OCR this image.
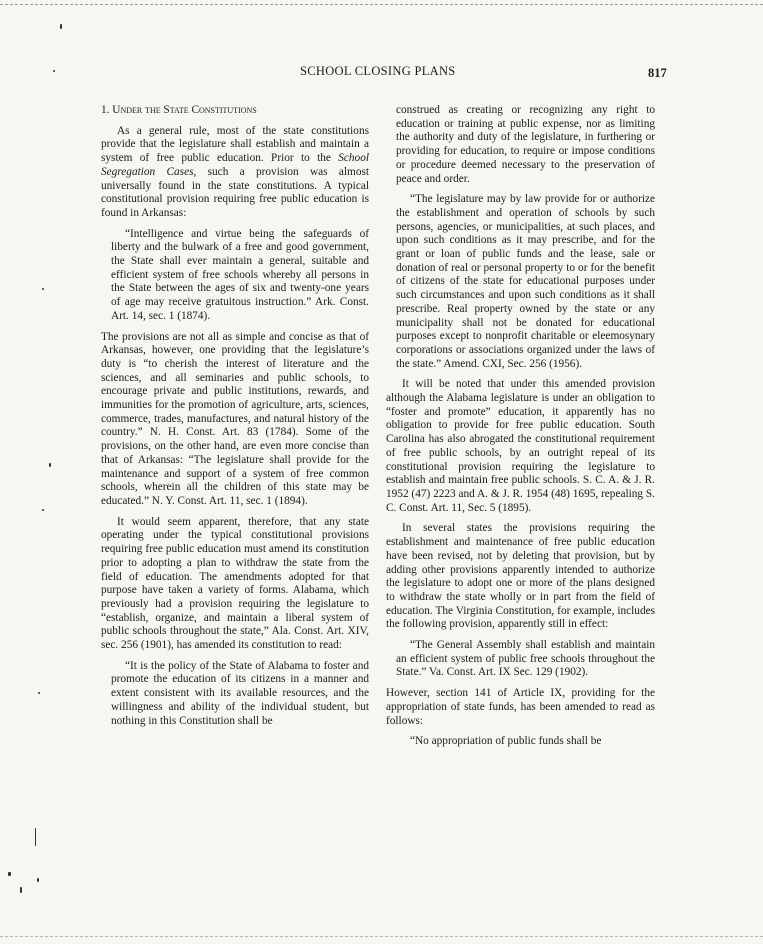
SCHOOL CLOSING PLANS	817

1. Under the State Constitutions

As a general rule, most of the state constitutions provide that the legislature shall establish and maintain a system of free public education. Prior to the School Segregation Cases, such a provision was almost universally found in the state constitutions. A typical constitutional provision requiring free public education is found in Arkansas:

“Intelligence and virtue being the safeguards of liberty and the bulwark of a free and good government, the State shall ever maintain a general, suitable and efficient system of free schools whereby all persons in the State between the ages of six and twenty-one years of age may receive gratuitous instruction.” Ark. Const. Art. 14, sec. 1 (1874).

The provisions are not all as simple and concise as that of Arkansas, however, one providing that the legislature’s duty is “to cherish the interest of literature and the sciences, and all seminaries and public schools, to encourage private and public institutions, rewards, and immunities for the promotion of agriculture, arts, sciences, commerce, trades, manufactures, and natural history of the country.” N. H. Const. Art. 83 (1784). Some of the provisions, on the other hand, are even more concise than that of Arkansas: “The legislature shall provide for the maintenance and support of a system of free common schools, wherein all the children of this state may be educated.” N. Y. Const. Art. 11, sec. 1 (1894).

It would seem apparent, therefore, that any state operating under the typical constitutional provisions requiring free public education must amend its constitution prior to adopting a plan to withdraw the state from the field of education. The amendments adopted for that purpose have taken a variety of forms. Alabama, which previously had a provision requiring the legislature to “establish, organize, and maintain a liberal system of public schools throughout the state,” Ala. Const. Art. XIV, sec. 256 (1901), has amended its constitution to read:

“It is the policy of the State of Alabama to foster and promote the education of its citizens in a manner and extent consistent with its available resources, and the willingness and ability of the individual student, but nothing in this Constitution shall be

construed as creating or recognizing any right to education or training at public expense, nor as limiting the authority and duty of the legislature, in furthering or providing for education, to require or impose conditions or procedure deemed necessary to the preservation of peace and order.

“The legislature may by law provide for or authorize the establishment and operation of schools by such persons, agencies, or municipalities, at such places, and upon such conditions as it may prescribe, and for the grant or loan of public funds and the lease, sale or donation of real or personal property to or for the benefit of citizens of the state for educational purposes under such circumstances and upon such conditions as it shall prescribe. Real property owned by the state or any municipality shall not be donated for educational purposes except to nonprofit charitable or eleemosynary corporations or associations organized under the laws of the state.” Amend. CXI, Sec. 256 (1956).

It will be noted that under this amended provision although the Alabama legislature is under an obligation to “foster and promote” education, it apparently has no obligation to provide for free public education. South Carolina has also abrogated the constitutional requirement of free public schools, by an outright repeal of its constitutional provision requiring the legislature to establish and maintain free public schools. S. C. A. & J. R. 1952 (47) 2223 and A. & J. R. 1954 (48) 1695, repealing S. C. Const. Art. 11, Sec. 5 (1895).

In several states the provisions requiring the establishment and maintenance of free public education have been revised, not by deleting that provision, but by adding other provisions apparently intended to authorize the legislature to adopt one or more of the plans designed to withdraw the state wholly or in part from the field of education. The Virginia Constitution, for example, includes the following provision, apparently still in effect:

“The General Assembly shall establish and maintain an efficient system of public free schools throughout the State.” Va. Const. Art. IX Sec. 129 (1902).

However, section 141 of Article IX, providing for the appropriation of state funds, has been amended to read as follows:

“No appropriation of public funds shall be
